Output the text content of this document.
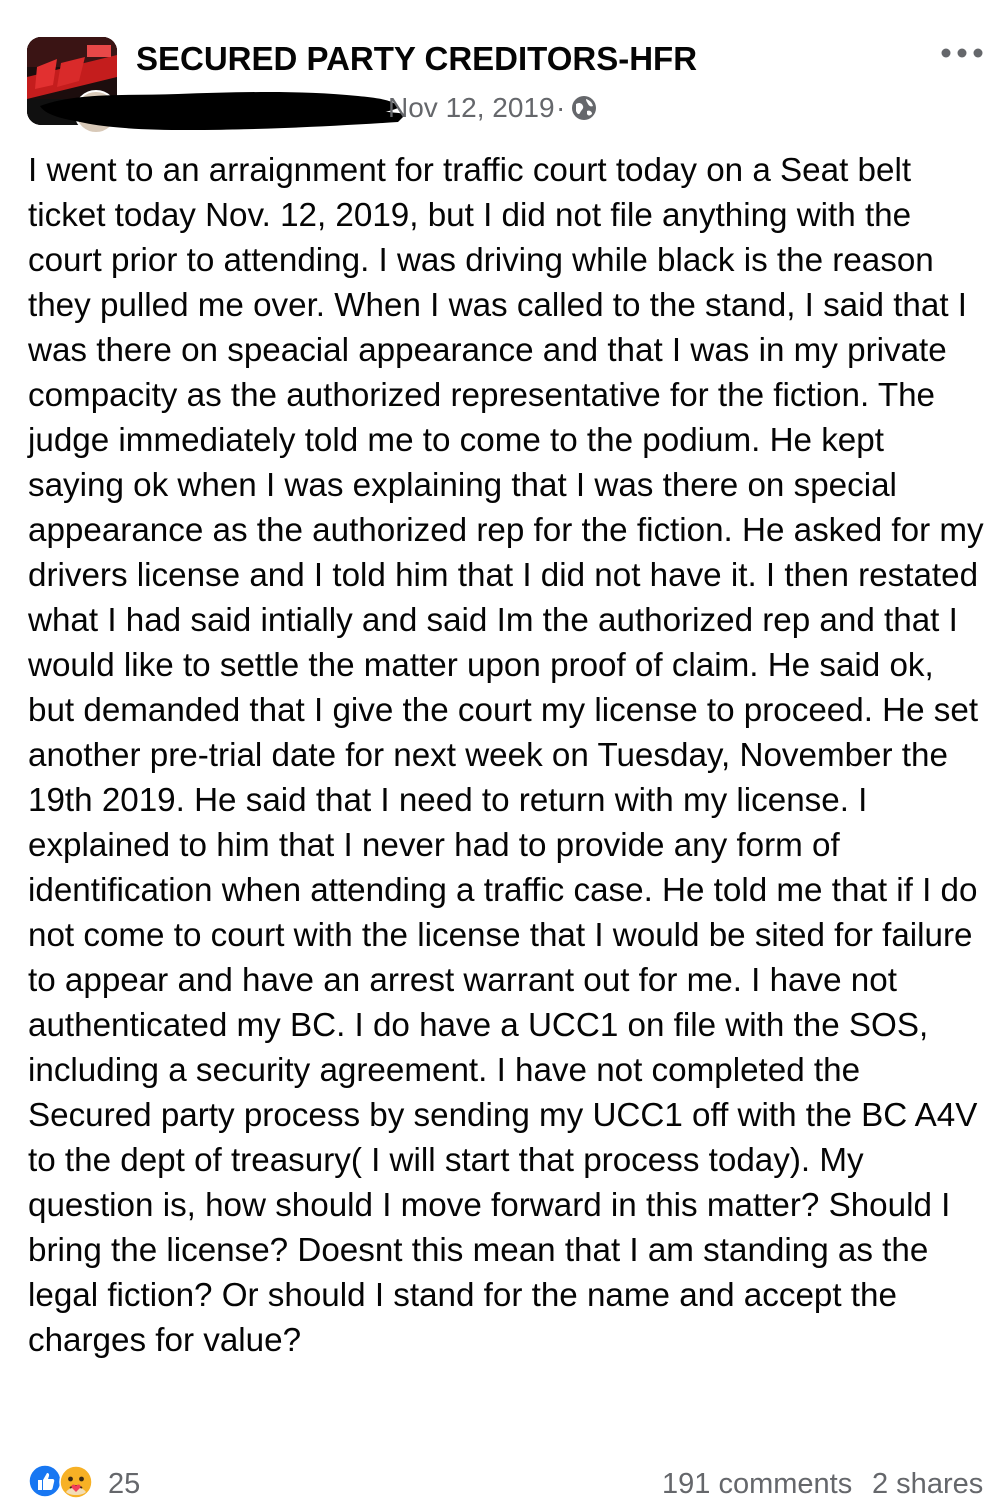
SECURED PARTY CREDITORS-HFR
Nov 12, 2019 ·

I went to an arraignment for traffic court today on a Seat belt ticket today Nov. 12, 2019, but I did not file anything with the court prior to attending. I was driving while black is the reason they pulled me over. When I was called to the stand, I said that I was there on speacial appearance and that I was in my private compacity as the authorized representative for the fiction. The judge immediately told me to come to the podium. He kept saying ok when I was explaining that I was there on special appearance as the authorized rep for the fiction. He asked for my drivers license and I told him that I did not have it. I then restated what I had said intially and said Im the authorized rep and that I would like to settle the matter upon proof of claim. He said ok, but demanded that I give the court my license to proceed. He set another pre-trial date for next week on Tuesday, November the 19th 2019. He said that I need to return with my license. I explained to him that I never had to provide any form of identification when attending a traffic case. He told me that if I do not come to court with the license that I would be sited for failure to appear and have an arrest warrant out for me. I have not authenticated my BC. I do have a UCC1 on file with the SOS, including a security agreement. I have not completed the Secured party process by sending my UCC1 off with the BC A4V to the dept of treasury( I will start that process today). My question is, how should I move forward in this matter? Should I bring the license? Doesnt this mean that I am standing as the legal fiction? Or should I stand for the name and accept the charges for value?

25	191 comments 2 shares
